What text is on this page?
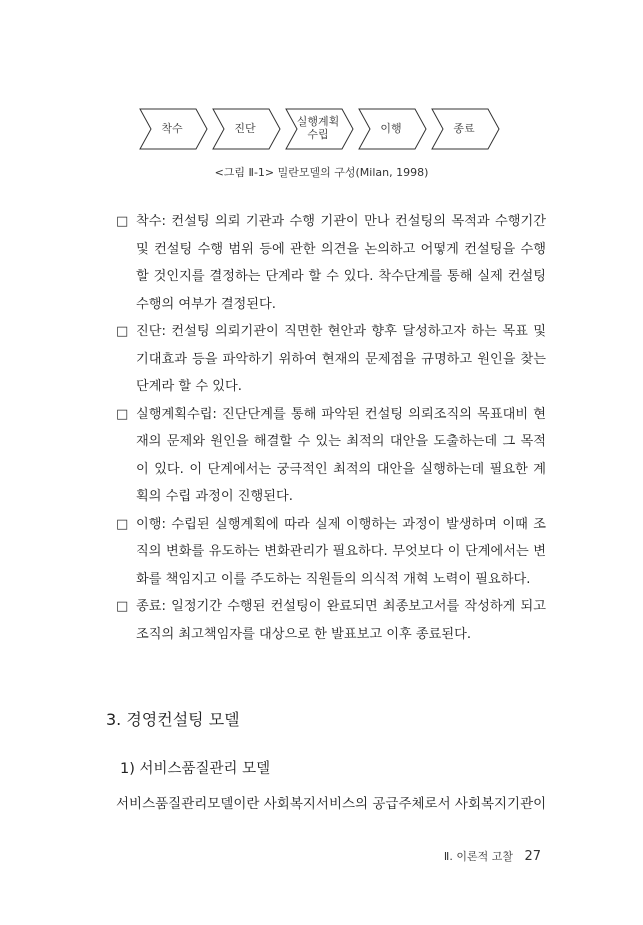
착수	진단
실행계획
수립	이행	종료
<그림 Ⅱ-1> 밀란모델의 구성(Milan, 1998)
□ 착수: 컨설팅 의뢰 기관과 수행 기관이 만나 컨설팅의 목적과 수행기간 및 컨설팅 수행 범위 등에 관한 의견을 논의하고 어떻게 컨설팅을 수행할 것인지를 결정하는 단계라 할 수 있다. 착수단계를 통해 실제 컨설팅 수행의 여부가 결정된다.
□ 진단: 컨설팅 의뢰기관이 직면한 현안과 향후 달성하고자 하는 목표 및 기대효과 등을 파악하기 위하여 현재의 문제점을 규명하고 원인을 찾는 단계라 할 수 있다.
□ 실행계획수립: 진단단계를 통해 파악된 컨설팅 의뢰조직의 목표대비 현재의 문제와 원인을 해결할 수 있는 최적의 대안을 도출하는데 그 목적이 있다. 이 단계에서는 궁극적인 최적의 대안을 실행하는데 필요한 계획의 수립 과정이 진행된다.
□ 이행: 수립된 실행계획에 따라 실제 이행하는 과정이 발생하며 이때 조직의 변화를 유도하는 변화관리가 필요하다. 무엇보다 이 단계에서는 변화를 책임지고 이를 주도하는 직원들의 의식적 개혁 노력이 필요하다.
□ 종료: 일정기간 수행된 컨설팅이 완료되면 최종보고서를 작성하게 되고 조직의 최고책임자를 대상으로 한 발표보고 이후 종료된다.
3. 경영컨설팅 모델
1) 서비스품질관리 모델
서비스품질관리모델이란 사회복지서비스의 공급주체로서 사회복지기관이
Ⅱ. 이론적 고찰 27
